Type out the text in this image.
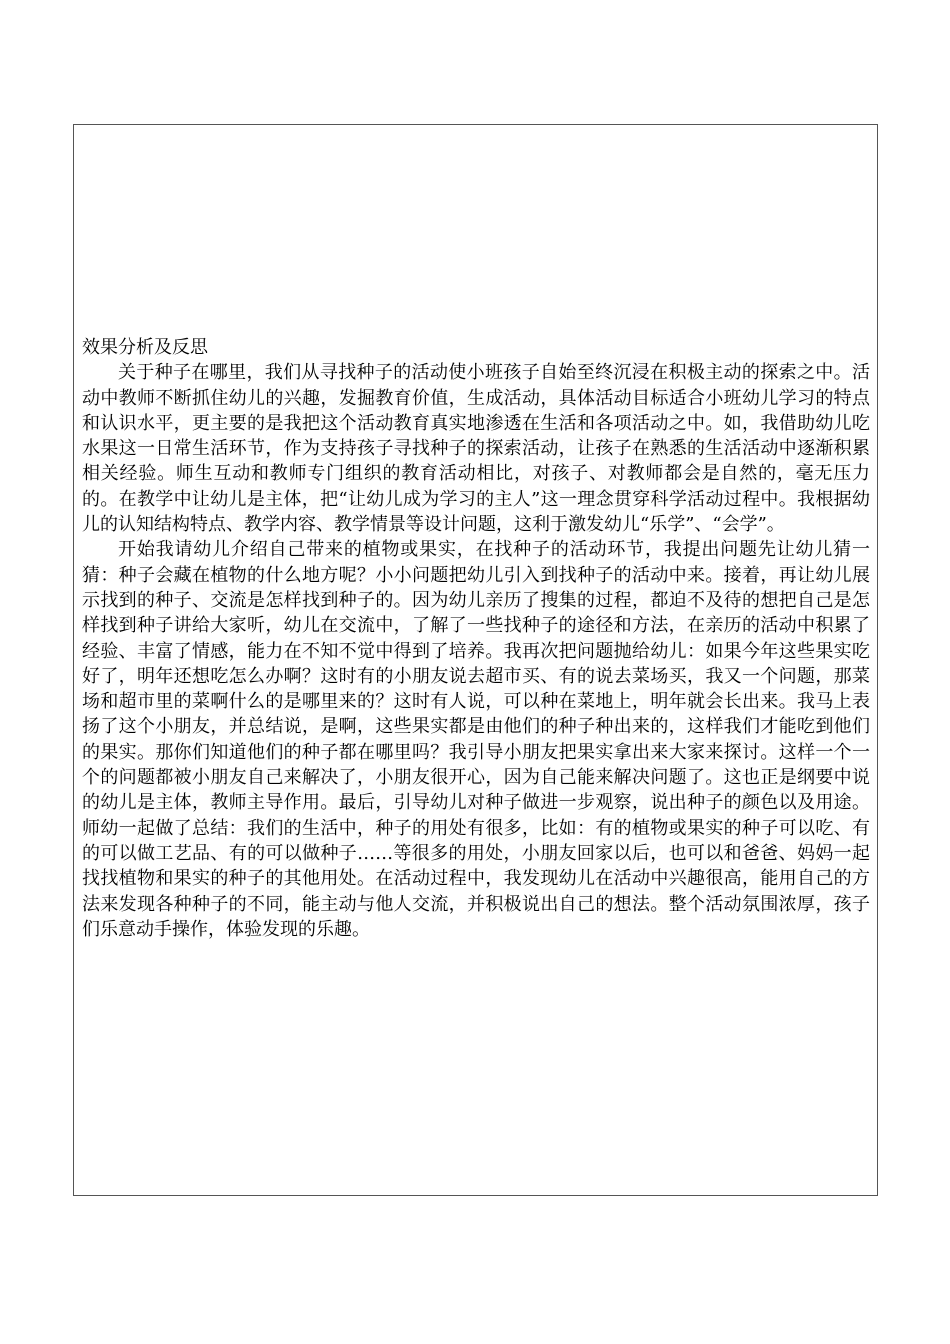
效果分析及反思

关于种子在哪里，我们从寻找种子的活动使小班孩子自始至终沉浸在积极主动的探索之中。活动中教师不断抓住幼儿的兴趣，发掘教育价值，生成活动，具体活动目标适合小班幼儿学习的特点和认识水平，更主要的是我把这个活动教育真实地渗透在生活和各项活动之中。如，我借助幼儿吃水果这一日常生活环节，作为支持孩子寻找种子的探索活动，让孩子在熟悉的生活活动中逐渐积累相关经验。师生互动和教师专门组织的教育活动相比，对孩子、对教师都会是自然的，毫无压力的。在教学中让幼儿是主体，把“让幼儿成为学习的主人”这一理念贯穿科学活动过程中。我根据幼儿的认知结构特点、教学内容、教学情景等设计问题，这利于激发幼儿“乐学”、“会学”。

开始我请幼儿介绍自己带来的植物或果实，在找种子的活动环节，我提出问题先让幼儿猜一猜：种子会藏在植物的什么地方呢？小小问题把幼儿引入到找种子的活动中来。接着，再让幼儿展示找到的种子、交流是怎样找到种子的。因为幼儿亲历了搜集的过程，都迫不及待的想把自己是怎样找到种子讲给大家听，幼儿在交流中，了解了一些找种子的途径和方法，在亲历的活动中积累了经验、丰富了情感，能力在不知不觉中得到了培养。我再次把问题抛给幼儿：如果今年这些果实吃好了，明年还想吃怎么办啊？这时有的小朋友说去超市买、有的说去菜场买，我又一个问题，那菜场和超市里的菜啊什么的是哪里来的？这时有人说，可以种在菜地上，明年就会长出来。我马上表扬了这个小朋友，并总结说，是啊，这些果实都是由他们的种子种出来的，这样我们才能吃到他们的果实。那你们知道他们的种子都在哪里吗？我引导小朋友把果实拿出来大家来探讨。这样一个一个的问题都被小朋友自己来解决了，小朋友很开心，因为自己能来解决问题了。这也正是纲要中说的幼儿是主体，教师主导作用。最后，引导幼儿对种子做进一步观察，说出种子的颜色以及用途。师幼一起做了总结：我们的生活中，种子的用处有很多，比如：有的植物或果实的种子可以吃、有的可以做工艺品、有的可以做种子……等很多的用处，小朋友回家以后，也可以和爸爸、妈妈一起找找植物和果实的种子的其他用处。在活动过程中，我发现幼儿在活动中兴趣很高，能用自己的方法来发现各种种子的不同，能主动与他人交流，并积极说出自己的想法。整个活动氛围浓厚，孩子们乐意动手操作，体验发现的乐趣。
